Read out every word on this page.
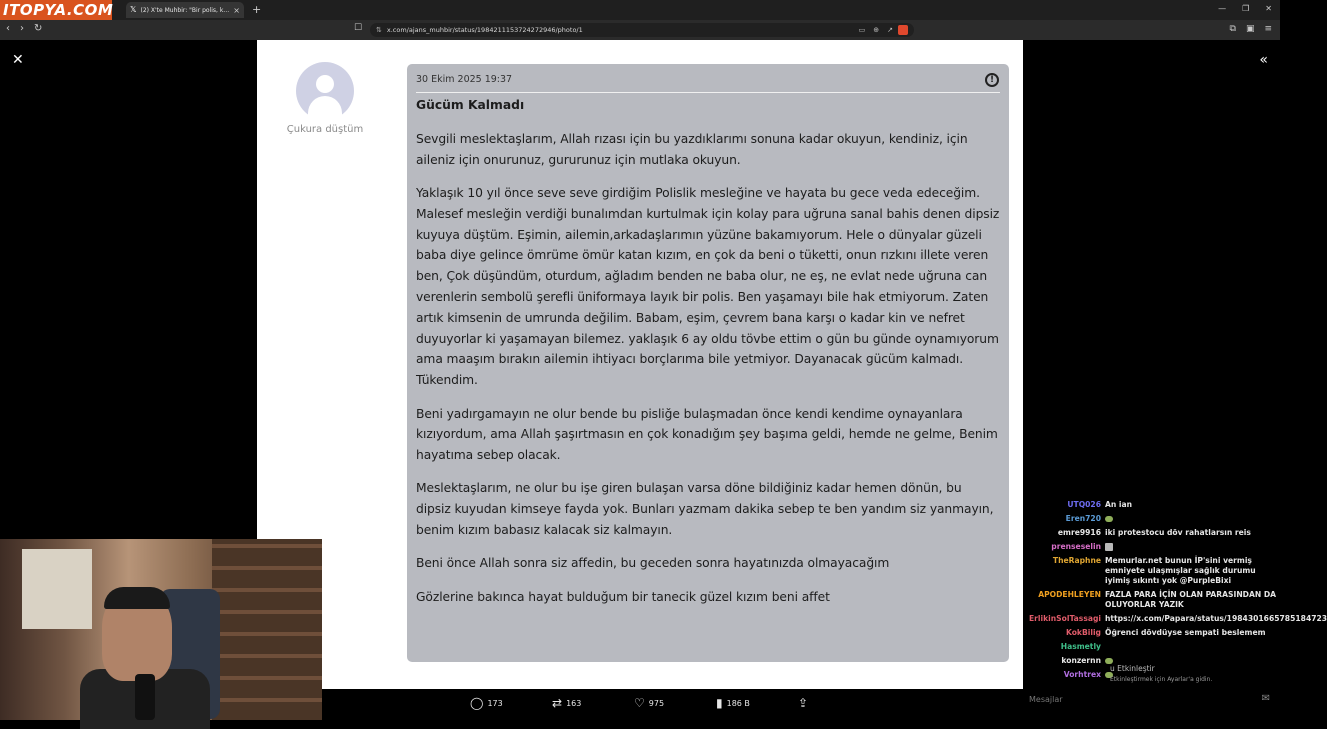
ITOPYA.COM 𝕏 (2) X'te Muhbir: "Bir polis, k… × +	— ❐ ✕
‹ › ↻	☐ ⇅ x.com/ajans_muhbir/status/1984211153724272946/photo/1	▭ ⊕ ↗	⧉ ▣ ≡
✕	«
Çukura düştüm
30 Ekim 2025 19:37	!
Gücüm Kalmadı

Sevgili meslektaşlarım, Allah rızası için bu yazdıklarımı sonuna kadar okuyun, kendiniz, için aileniz için onurunuz, gururunuz için mutlaka okuyun.

Yaklaşık 10 yıl önce seve seve girdiğim Polislik mesleğine ve hayata bu gece veda edeceğim. Malesef mesleğin verdiği bunalımdan kurtulmak için kolay para uğruna sanal bahis denen dipsiz kuyuya düştüm. Eşimin, ailemin,arkadaşlarımın yüzüne bakamıyorum. Hele o dünyalar güzeli baba diye gelince ömrüme ömür katan kızım, en çok da beni o tüketti, onun rızkını illete veren ben, Çok düşündüm, oturdum, ağladım benden ne baba olur, ne eş, ne evlat nede uğruna can verenlerin sembolü şerefli üniformaya layık bir polis. Ben yaşamayı bile hak etmiyorum. Zaten artık kimsenin de umrunda değilim. Babam, eşim, çevrem bana karşı o kadar kin ve nefret duyuyorlar ki yaşamayan bilemez. yaklaşık 6 ay oldu tövbe ettim o gün bu günde oynamıyorum ama maaşım bırakın ailemin ihtiyacı borçlarıma bile yetmiyor. Dayanacak gücüm kalmadı. Tükendim.

Beni yadırgamayın ne olur bende bu pisliğe bulaşmadan önce kendi kendime oynayanlara kızıyordum, ama Allah şaşırtmasın en çok konadığım şey başıma geldi, hemde ne gelme, Benim hayatıma sebep olacak.

Meslektaşlarım, ne olur bu işe giren bulaşan varsa döne bildiğiniz kadar hemen dönün, bu dipsiz kuyudan kimseye fayda yok. Bunları yazmam dakika sebep te ben yandım siz yanmayın, benim kızım babasız kalacak siz kalmayın.

Beni önce Allah sonra siz affedin, bu geceden sonra hayatınızda olmayacağım

Gözlerine bakınca hayat bulduğum bir tanecik güzel kızım beni affet

◯ 173	⇄ 163	♡ 975	▮ 186 B	⇪
UTQ026 An ian
Eren720
emre9916 iki protestocu döv rahatlarsın reis
prenseselin
TheRaphne Memurlar.net bunun İP'sini vermiş emniyete ulaşmışlar sağlık durumu iyimiş sıkıntı yok @PurpleBixi
APODEHLEYEN FAZLA PARA İÇİN OLAN PARASINDAN DA OLUYORLAR YAZIK
ErlikinSolTassagi https://x.com/Papara/status/1984301665785184723
KokBilig Öğrenci dövdüyse sempati beslemem
Hasmetly
konzernn
Vorhtrex
u Etkinleştir
Etkinleştirmek için Ayarlar'a gidin.
Mesajlar	✉
